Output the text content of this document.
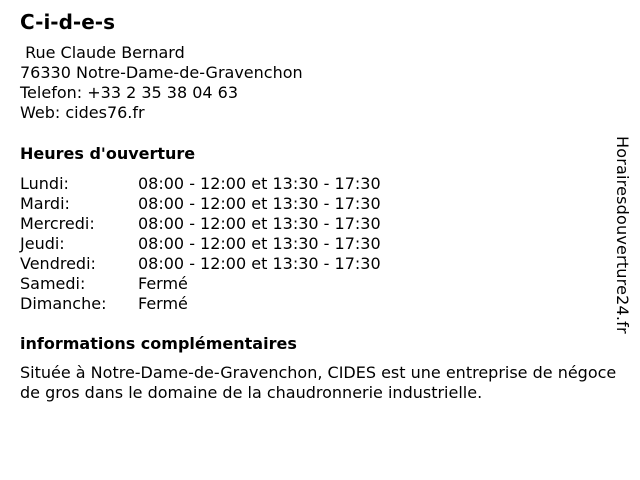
C-i-d-e-s
Rue Claude Bernard
76330 Notre-Dame-de-Gravenchon
Telefon: +33 2 35 38 04 63
Web: cides76.fr
Heures d'ouverture
Lundi:	08:00 - 12:00 et 13:30 - 17:30
Mardi:	08:00 - 12:00 et 13:30 - 17:30
Mercredi:	08:00 - 12:00 et 13:30 - 17:30
Jeudi:	08:00 - 12:00 et 13:30 - 17:30
Vendredi:	08:00 - 12:00 et 13:30 - 17:30
Samedi:	Fermé
Dimanche: Fermé
informations complémentaires

Située à Notre-Dame-de-Gravenchon, CIDES est une entreprise de négoce de gros dans le domaine de la chaudronnerie industrielle.

Horairesdouverture24.fr
